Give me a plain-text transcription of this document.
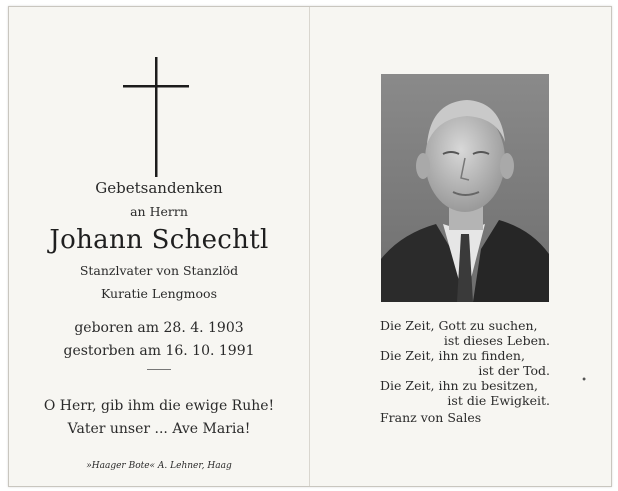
Gebetsandenken
an Herrn
Johann Schechtl
Stanzlvater von Stanzlöd
Kuratie Lengmoos
geboren am 28. 4. 1903
gestorben am 16. 10. 1991
O Herr, gib ihm die ewige Ruhe!
Vater unser ... Ave Maria!
»Haager Bote« A. Lehner, Haag
Die Zeit, Gott zu suchen,
ist dieses Leben.
Die Zeit, ihn zu finden,
ist der Tod.
Die Zeit, ihn zu besitzen,
ist die Ewigkeit.
Franz von Sales
•
